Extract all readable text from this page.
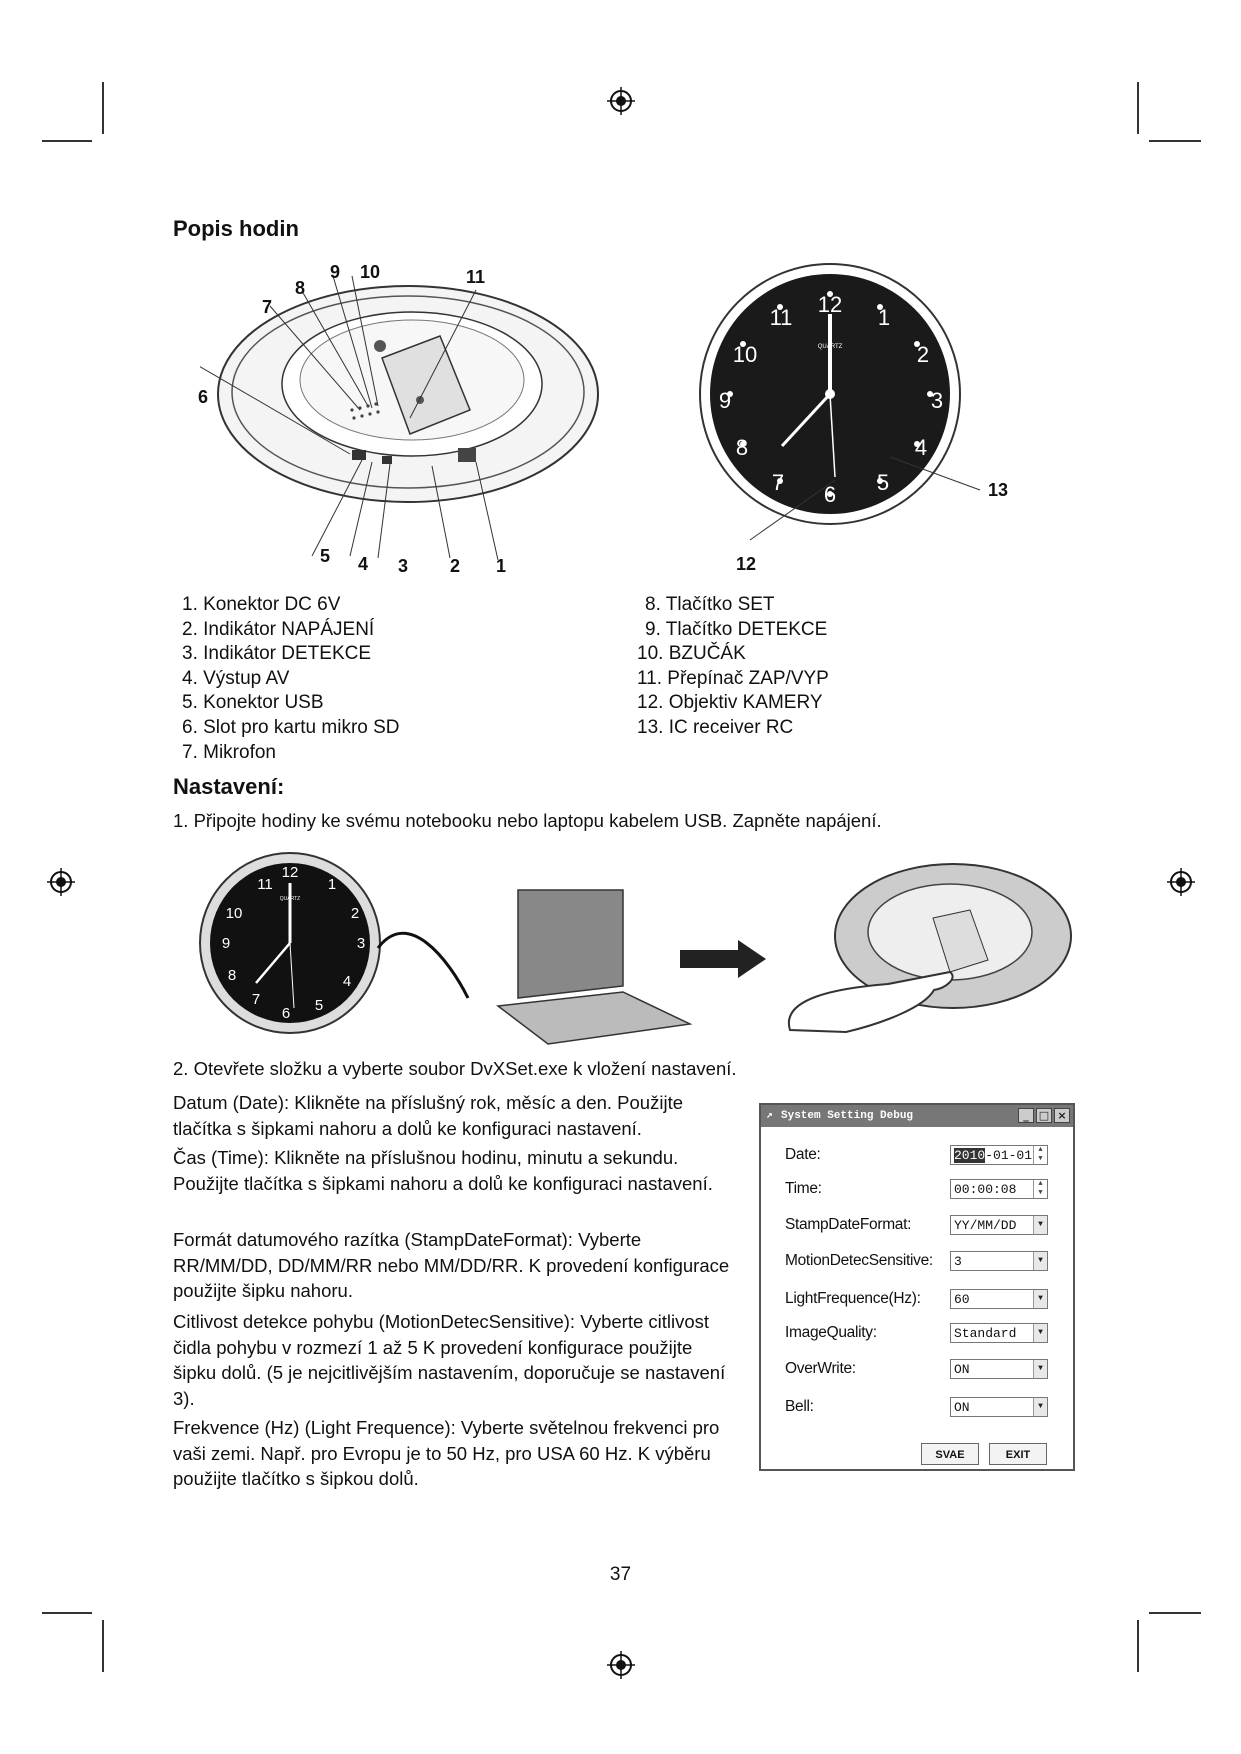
Popis hodin
6
7
8
9 10	11
5 4 3 2 1
12
1
2
3
4
5
6
7
8
9
10
11
QUARTZ
12
13
1. Konektor DC 6V
2. Indikátor NAPÁJENÍ
3. Indikátor DETEKCE
4. Výstup AV
5. Konektor USB
6. Slot pro kartu mikro SD
7. Mikrofon
8. Tlačítko SET
9. Tlačítko DETEKCE
10. BZUČÁK
11. Přepínač ZAP/VYP
12. Objektiv KAMERY
13. IC receiver RC
Nastavení:
1. Připojte hodiny ke svému notebooku nebo laptopu kabelem USB. Zapněte napájení.
12
1
2
3
4
5
6
7
8
9
10
11
QUARTZ
2. Otevřete složku a vyberte soubor DvXSet.exe k vložení nastavení.
Datum (Date): Klikněte na příslušný rok, měsíc a den. Použijte tlačítka s šipkami nahoru a dolů ke konfiguraci nastavení.
Čas (Time): Klikněte na příslušnou hodinu, minutu a sekundu. Použijte tlačítka s šipkami nahoru a dolů ke konfiguraci nastavení.
Formát datumového razítka (StampDateFormat): Vyberte RR/MM/DD, DD/MM/RR nebo MM/DD/RR. K provedení konfigurace použijte šipku nahoru.
Citlivost detekce pohybu (MotionDetecSensitive): Vyberte citlivost čidla pohybu v rozmezí 1 až 5 K provedení konfigurace použijte šipku dolů. (5 je nejcitlivějším nastavením, doporučuje se nastavení 3).
Frekvence (Hz) (Light Frequence): Vyberte světelnou frekvenci pro vaši zemi. Např. pro Evropu je to 50 Hz, pro USA 60 Hz. K výběru použijte tlačítko s šipkou dolů.
↗ System Setting Debug	_ □ ×
Date:	2010-01-01 ▲
▼
Time:	00:00:08	▲
▼
StampDateFormat:	YY/MM/DD	▼
MotionDetecSensitive:	3	▼
LightFrequence(Hz):	60	▼
ImageQuality:	Standard	▼
OverWrite:	ON	▼
Bell:	ON	▼
SVAE	EXIT
37
